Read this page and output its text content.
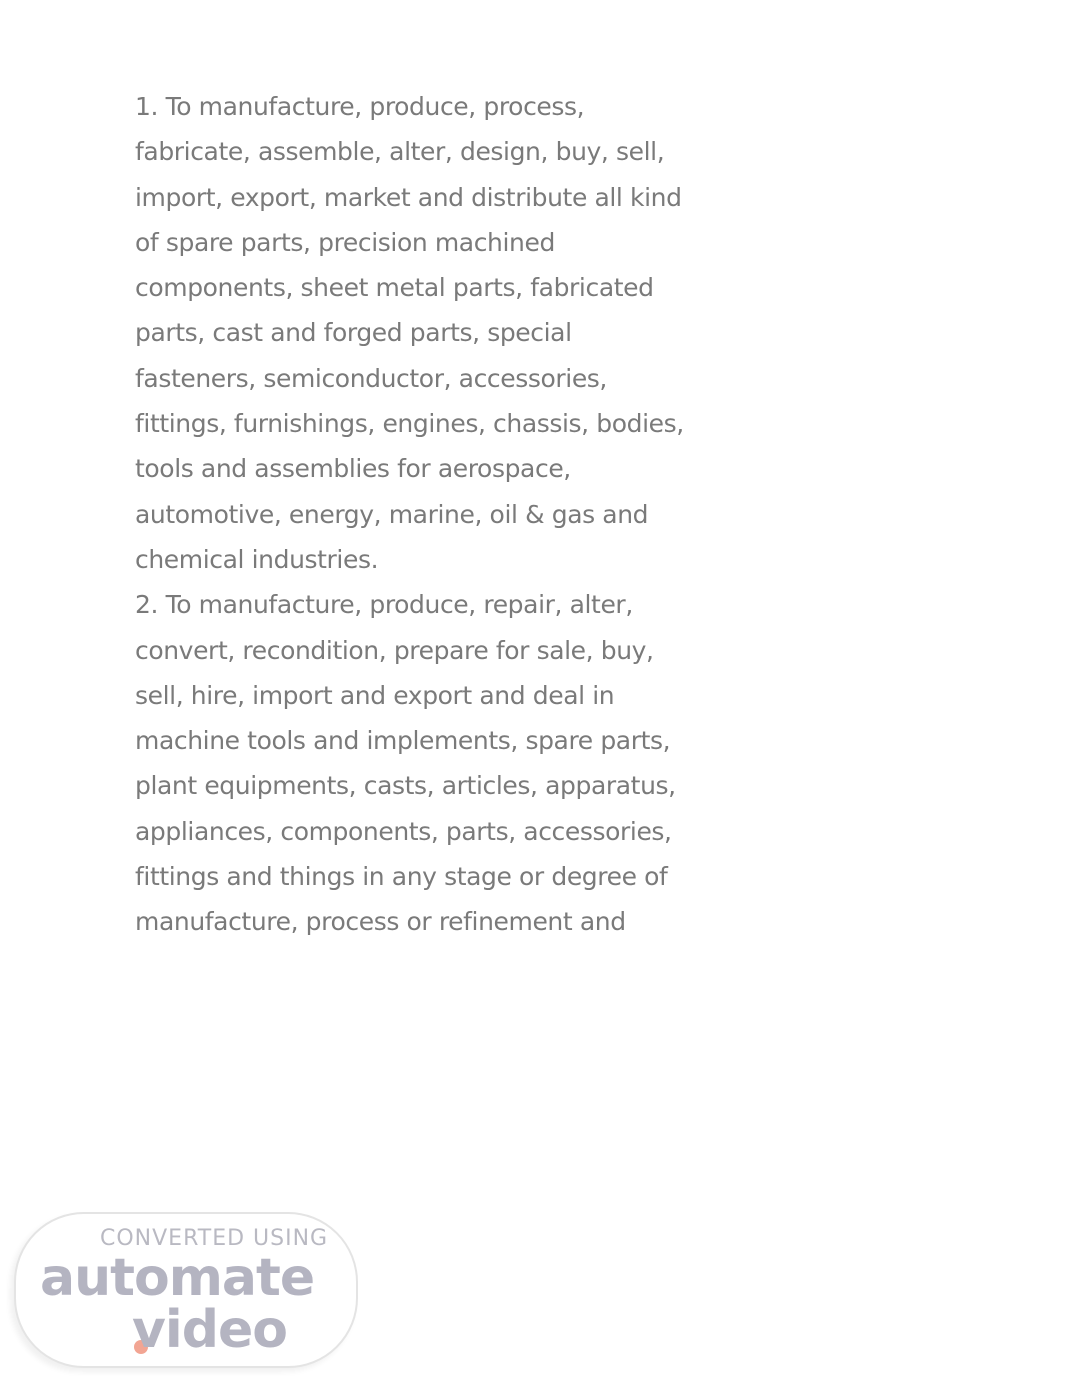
1. To manufacture, produce, process,
fabricate, assemble, alter, design, buy, sell,
import, export, market and distribute all kind
of spare parts, precision machined
components, sheet metal parts, fabricated
parts, cast and forged parts, special
fasteners, semiconductor, accessories,
fittings, furnishings, engines, chassis, bodies,
tools and assemblies for aerospace,
automotive, energy, marine, oil & gas and
chemical industries.
2. To manufacture, produce, repair, alter,
convert, recondition, prepare for sale, buy,
sell, hire, import and export and deal in
machine tools and implements, spare parts,
plant equipments, casts, articles, apparatus,
appliances, components, parts, accessories,
fittings and things in any stage or degree of
manufacture, process or refinement and
CONVERTED USING
automate
video
